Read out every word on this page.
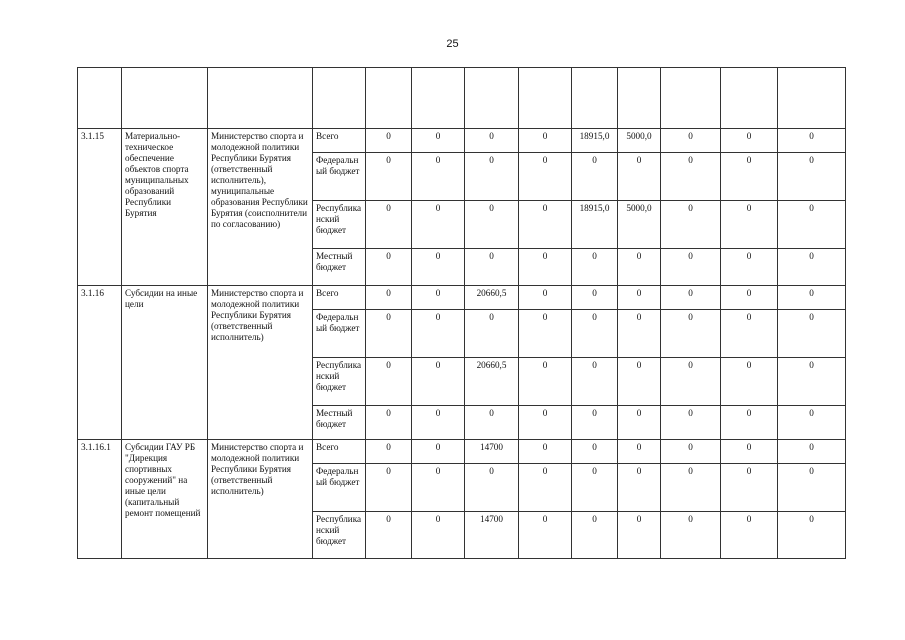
25

3.1.15	Материально-техническое обеспечение объектов спорта муниципальных образований Республики Бурятия	Министерство спорта и молодежной политики Республики Бурятия (ответственный исполнитель), муниципальные образования Республики Бурятия (соисполнители по согласованию)	Всего	0	0	0	0	18915,0	5000,0	0	0	0
			Федеральный бюджет	0	0	0	0	0	0	0	0	0
			Республиканский бюджет	0	0	0	0	18915,0	5000,0	0	0	0
			Местный бюджет	0	0	0	0	0	0	0	0	0
3.1.16	Субсидии на иные цели	Министерство спорта и молодежной политики Республики Бурятия (ответственный исполнитель)	Всего	0	0	20660,5	0	0	0	0	0	0
			Федеральный бюджет	0	0	0	0	0	0	0	0	0
			Республиканский бюджет	0	0	20660,5	0	0	0	0	0	0
			Местный бюджет	0	0	0	0	0	0	0	0	0
3.1.16.1	Субсидии ГАУ РБ "Дирекция спортивных сооружений" на иные цели (капитальный ремонт помещений	Министерство спорта и молодежной политики Республики Бурятия (ответственный исполнитель)	Всего	0	0	14700	0	0	0	0	0	0
			Федеральный бюджет	0	0	0	0	0	0	0	0	0
			Республиканский бюджет	0	0	14700	0	0	0	0	0	0
